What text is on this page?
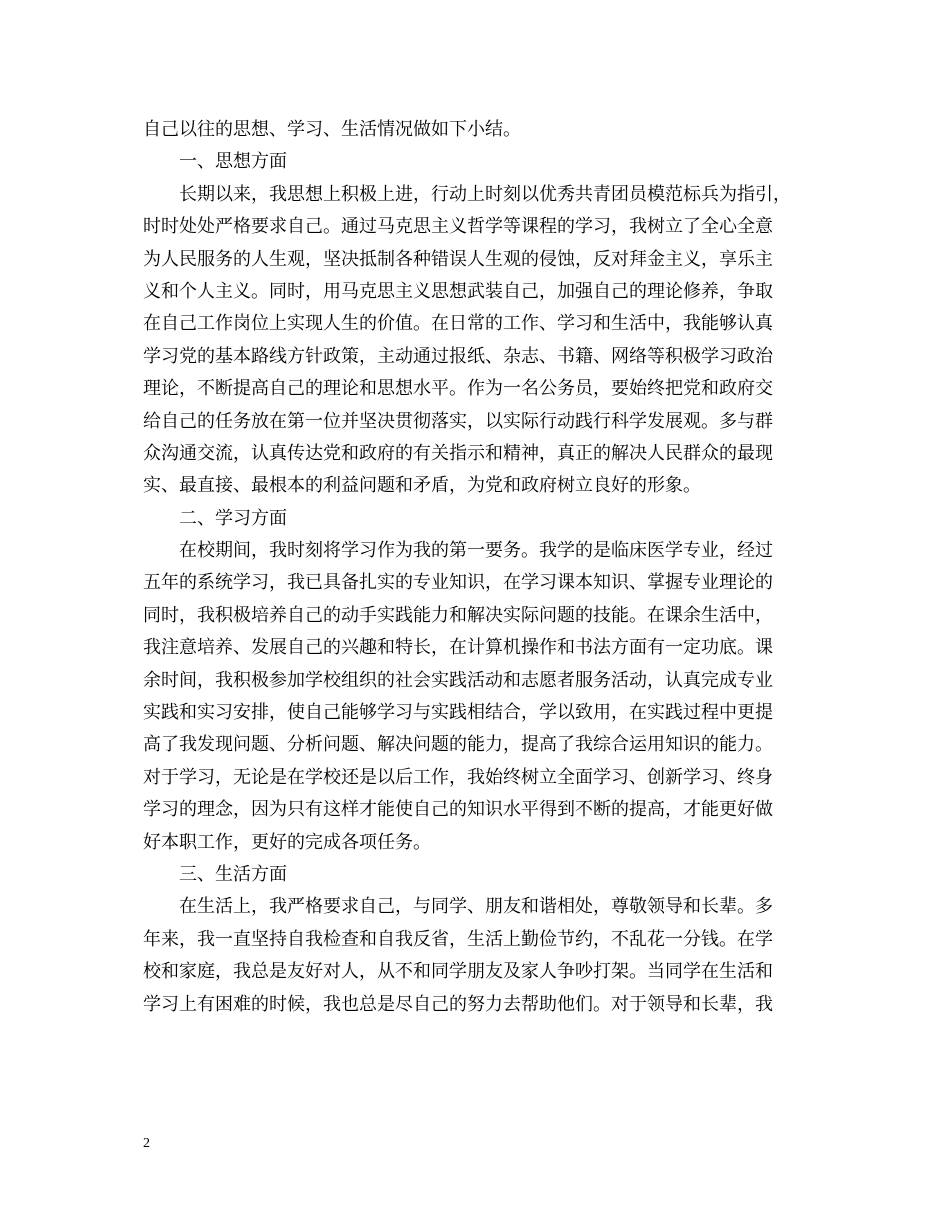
自己以往的思想、学习、生活情况做如下小结。
一、思想方面
长期以来，我思想上积极上进，行动上时刻以优秀共青团员模范标兵为指引，
时时处处严格要求自己。通过马克思主义哲学等课程的学习，我树立了全心全意
为人民服务的人生观，坚决抵制各种错误人生观的侵蚀，反对拜金主义，享乐主
义和个人主义。同时，用马克思主义思想武装自己，加强自己的理论修养，争取
在自己工作岗位上实现人生的价值。在日常的工作、学习和生活中，我能够认真
学习党的基本路线方针政策，主动通过报纸、杂志、书籍、网络等积极学习政治
理论，不断提高自己的理论和思想水平。作为一名公务员，要始终把党和政府交
给自己的任务放在第一位并坚决贯彻落实，以实际行动践行科学发展观。多与群
众沟通交流，认真传达党和政府的有关指示和精神，真正的解决人民群众的最现
实、最直接、最根本的利益问题和矛盾，为党和政府树立良好的形象。
二、学习方面
在校期间，我时刻将学习作为我的第一要务。我学的是临床医学专业，经过
五年的系统学习，我已具备扎实的专业知识，在学习课本知识、掌握专业理论的
同时，我积极培养自己的动手实践能力和解决实际问题的技能。在课余生活中，
我注意培养、发展自己的兴趣和特长，在计算机操作和书法方面有一定功底。课
余时间，我积极参加学校组织的社会实践活动和志愿者服务活动，认真完成专业
实践和实习安排，使自己能够学习与实践相结合，学以致用，在实践过程中更提
高了我发现问题、分析问题、解决问题的能力，提高了我综合运用知识的能力。
对于学习，无论是在学校还是以后工作，我始终树立全面学习、创新学习、终身
学习的理念，因为只有这样才能使自己的知识水平得到不断的提高，才能更好做
好本职工作，更好的完成各项任务。
三、生活方面
在生活上，我严格要求自己，与同学、朋友和谐相处，尊敬领导和长辈。多
年来，我一直坚持自我检查和自我反省，生活上勤俭节约，不乱花一分钱。在学
校和家庭，我总是友好对人，从不和同学朋友及家人争吵打架。当同学在生活和
学习上有困难的时候，我也总是尽自己的努力去帮助他们。对于领导和长辈，我
2
